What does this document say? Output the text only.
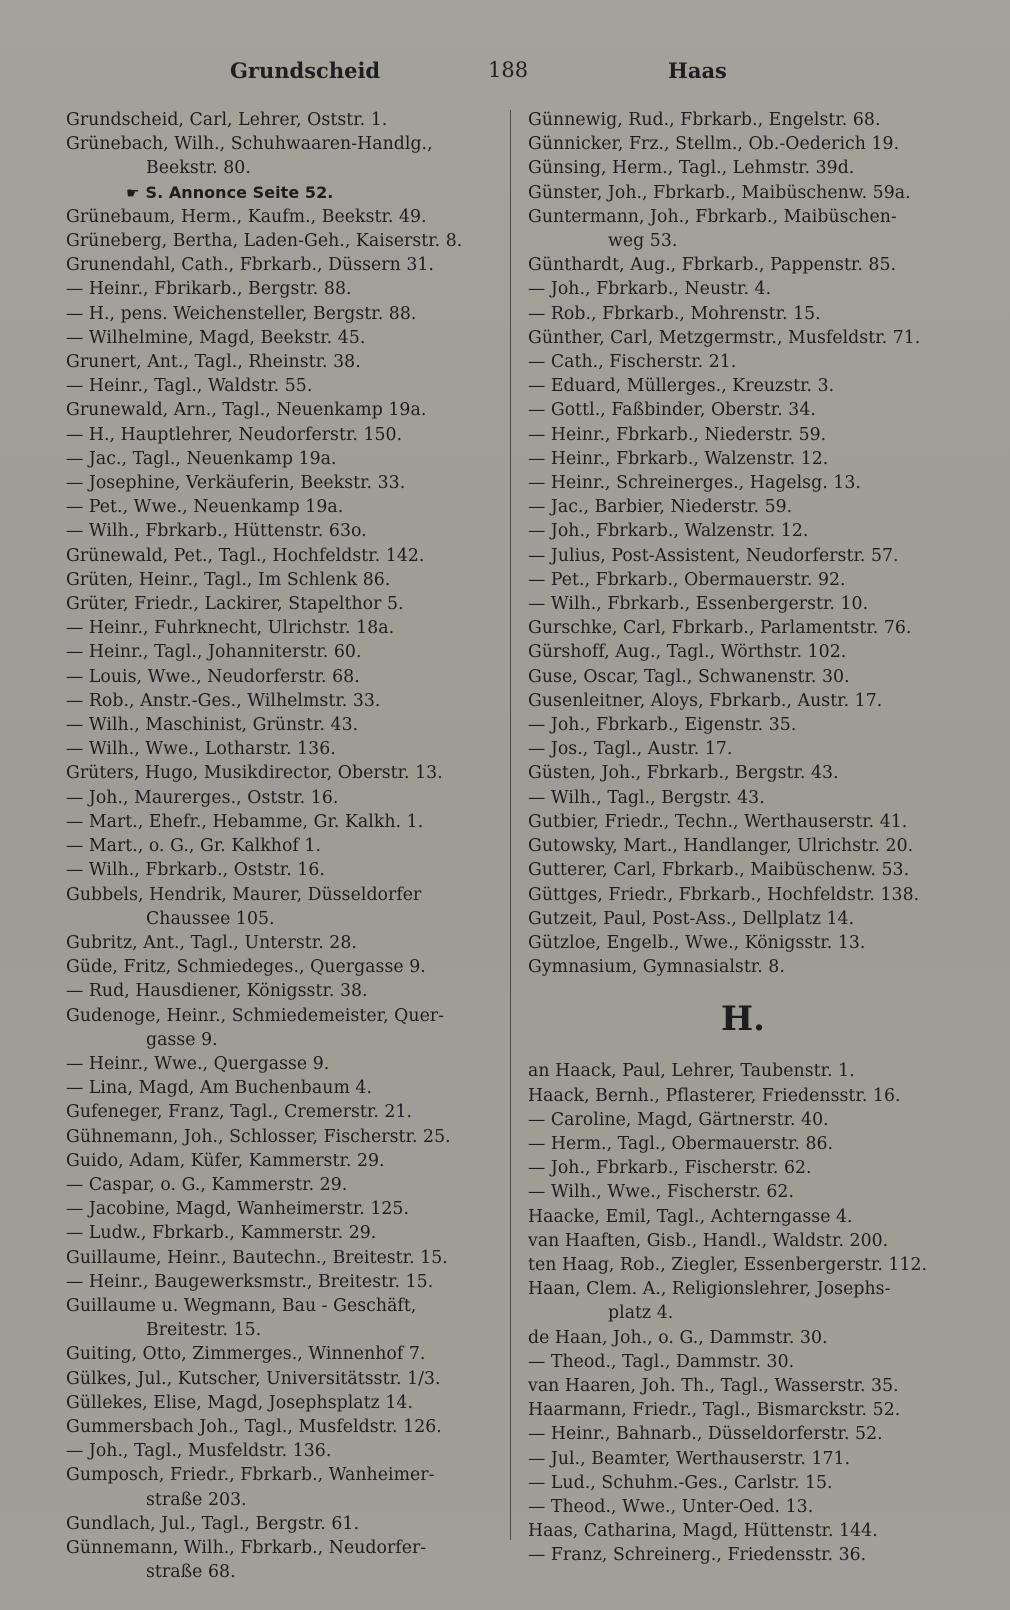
Grundscheid	188	Haas
Grundscheid, Carl, Lehrer, Oststr. 1.
Grünebach, Wilh., Schuhwaaren-Handlg.,
Beekstr. 80.
☛ S. Annonce Seite 52.
Grünebaum, Herm., Kaufm., Beekstr. 49.
Grüneberg, Bertha, Laden-Geh., Kaiserstr. 8.
Grunendahl, Cath., Fbrkarb., Düssern 31.
— Heinr., Fbrikarb., Bergstr. 88.
— H., pens. Weichensteller, Bergstr. 88.
— Wilhelmine, Magd, Beekstr. 45.
Grunert, Ant., Tagl., Rheinstr. 38.
— Heinr., Tagl., Waldstr. 55.
Grunewald, Arn., Tagl., Neuenkamp 19a.
— H., Hauptlehrer, Neudorferstr. 150.
— Jac., Tagl., Neuenkamp 19a.
— Josephine, Verkäuferin, Beekstr. 33.
— Pet., Wwe., Neuenkamp 19a.
— Wilh., Fbrkarb., Hüttenstr. 63o.
Grünewald, Pet., Tagl., Hochfeldstr. 142.
Grüten, Heinr., Tagl., Im Schlenk 86.
Grüter, Friedr., Lackirer, Stapelthor 5.
— Heinr., Fuhrknecht, Ulrichstr. 18a.
— Heinr., Tagl., Johanniterstr. 60.
— Louis, Wwe., Neudorferstr. 68.
— Rob., Anstr.-Ges., Wilhelmstr. 33.
— Wilh., Maschinist, Grünstr. 43.
— Wilh., Wwe., Lotharstr. 136.
Grüters, Hugo, Musikdirector, Oberstr. 13.
— Joh., Maurerges., Oststr. 16.
— Mart., Ehefr., Hebamme, Gr. Kalkh. 1.
— Mart., o. G., Gr. Kalkhof 1.
— Wilh., Fbrkarb., Oststr. 16.
Gubbels, Hendrik, Maurer, Düsseldorfer
Chaussee 105.
Gubritz, Ant., Tagl., Unterstr. 28.
Güde, Fritz, Schmiedeges., Quergasse 9.
— Rud, Hausdiener, Königsstr. 38.
Gudenoge, Heinr., Schmiedemeister, Quer-
gasse 9.
— Heinr., Wwe., Quergasse 9.
— Lina, Magd, Am Buchenbaum 4.
Gufeneger, Franz, Tagl., Cremerstr. 21.
Gühnemann, Joh., Schlosser, Fischerstr. 25.
Guido, Adam, Küfer, Kammerstr. 29.
— Caspar, o. G., Kammerstr. 29.
— Jacobine, Magd, Wanheimerstr. 125.
— Ludw., Fbrkarb., Kammerstr. 29.
Guillaume, Heinr., Bautechn., Breitestr. 15.
— Heinr., Baugewerksmstr., Breitestr. 15.
Guillaume u. Wegmann, Bau - Geschäft,
Breitestr. 15.
Guiting, Otto, Zimmerges., Winnenhof 7.
Gülkes, Jul., Kutscher, Universitätsstr. 1/3.
Güllekes, Elise, Magd, Josephsplatz 14.
Gummersbach Joh., Tagl., Musfeldstr. 126.
— Joh., Tagl., Musfeldstr. 136.
Gumposch, Friedr., Fbrkarb., Wanheimer-
straße 203.
Gundlach, Jul., Tagl., Bergstr. 61.
Günnemann, Wilh., Fbrkarb., Neudorfer-
straße 68.
Günnewig, Rud., Fbrkarb., Engelstr. 68.
Günnicker, Frz., Stellm., Ob.-Oederich 19.
Günsing, Herm., Tagl., Lehmstr. 39d.
Günster, Joh., Fbrkarb., Maibüschenw. 59a.
Guntermann, Joh., Fbrkarb., Maibüschen-
weg 53.
Günthardt, Aug., Fbrkarb., Pappenstr. 85.
— Joh., Fbrkarb., Neustr. 4.
— Rob., Fbrkarb., Mohrenstr. 15.
Günther, Carl, Metzgermstr., Musfeldstr. 71.
— Cath., Fischerstr. 21.
— Eduard, Müllerges., Kreuzstr. 3.
— Gottl., Faßbinder, Oberstr. 34.
— Heinr., Fbrkarb., Niederstr. 59.
— Heinr., Fbrkarb., Walzenstr. 12.
— Heinr., Schreinerges., Hagelsg. 13.
— Jac., Barbier, Niederstr. 59.
— Joh., Fbrkarb., Walzenstr. 12.
— Julius, Post-Assistent, Neudorferstr. 57.
— Pet., Fbrkarb., Obermauerstr. 92.
— Wilh., Fbrkarb., Essenbergerstr. 10.
Gurschke, Carl, Fbrkarb., Parlamentstr. 76.
Gürshoff, Aug., Tagl., Wörthstr. 102.
Guse, Oscar, Tagl., Schwanenstr. 30.
Gusenleitner, Aloys, Fbrkarb., Austr. 17.
— Joh., Fbrkarb., Eigenstr. 35.
— Jos., Tagl., Austr. 17.
Güsten, Joh., Fbrkarb., Bergstr. 43.
— Wilh., Tagl., Bergstr. 43.
Gutbier, Friedr., Techn., Werthauserstr. 41.
Gutowsky, Mart., Handlanger, Ulrichstr. 20.
Gutterer, Carl, Fbrkarb., Maibüschenw. 53.
Güttges, Friedr., Fbrkarb., Hochfeldstr. 138.
Gutzeit, Paul, Post-Ass., Dellplatz 14.
Gützloe, Engelb., Wwe., Königsstr. 13.
Gymnasium, Gymnasialstr. 8.
H.
an Haack, Paul, Lehrer, Taubenstr. 1.
Haack, Bernh., Pflasterer, Friedensstr. 16.
— Caroline, Magd, Gärtnerstr. 40.
— Herm., Tagl., Obermauerstr. 86.
— Joh., Fbrkarb., Fischerstr. 62.
— Wilh., Wwe., Fischerstr. 62.
Haacke, Emil, Tagl., Achterngasse 4.
van Haaften, Gisb., Handl., Waldstr. 200.
ten Haag, Rob., Ziegler, Essenbergerstr. 112.
Haan, Clem. A., Religionslehrer, Josephs-
platz 4.
de Haan, Joh., o. G., Dammstr. 30.
— Theod., Tagl., Dammstr. 30.
van Haaren, Joh. Th., Tagl., Wasserstr. 35.
Haarmann, Friedr., Tagl., Bismarckstr. 52.
— Heinr., Bahnarb., Düsseldorferstr. 52.
— Jul., Beamter, Werthauserstr. 171.
— Lud., Schuhm.-Ges., Carlstr. 15.
— Theod., Wwe., Unter-Oed. 13.
Haas, Catharina, Magd, Hüttenstr. 144.
— Franz, Schreinerg., Friedensstr. 36.
